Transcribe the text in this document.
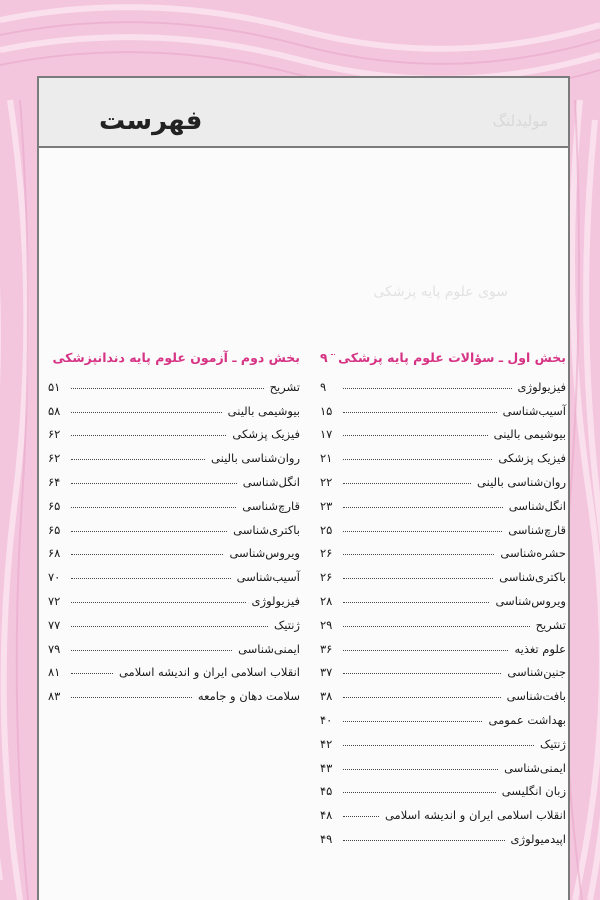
مولیدلنگ
فهرست
سوی علوم پایه پزشکی
بخش اول ـ سؤالات علوم پایه پزشکی
۹
فیزیولوژی
۹
آسیب‌شناسی
۱۵
بیوشیمی بالینی
۱۷
فیزیک پزشکی
۲۱
روان‌شناسی بالینی
۲۲
انگل‌شناسی
۲۳
قارچ‌شناسی
۲۵
حشره‌شناسی
۲۶
باکتری‌شناسی
۲۶
ویروس‌شناسی
۲۸
تشریح
۲۹
علوم تغذیه
۳۶
جنین‌شناسی
۳۷
بافت‌شناسی
۳۸
بهداشت عمومی
۴۰
ژنتیک
۴۲
ایمنی‌شناسی
۴۳
زبان انگلیسی
۴۵
انقلاب اسلامی ایران و اندیشه اسلامی
۴۸
اپیدمیولوژی
۴۹
بخش دوم ـ آزمون علوم پایه دندانپزشکی
تشریح
۵۱
بیوشیمی بالینی
۵۸
فیزیک پزشکی
۶۲
روان‌شناسی بالینی
۶۲
انگل‌شناسی
۶۴
قارچ‌شناسی
۶۵
باکتری‌شناسی
۶۵
ویروس‌شناسی
۶۸
آسیب‌شناسی
۷۰
فیزیولوژی
۷۲
ژنتیک
۷۷
ایمنی‌شناسی
۷۹
انقلاب اسلامی ایران و اندیشه اسلامی
۸۱
سلامت دهان و جامعه
۸۳
